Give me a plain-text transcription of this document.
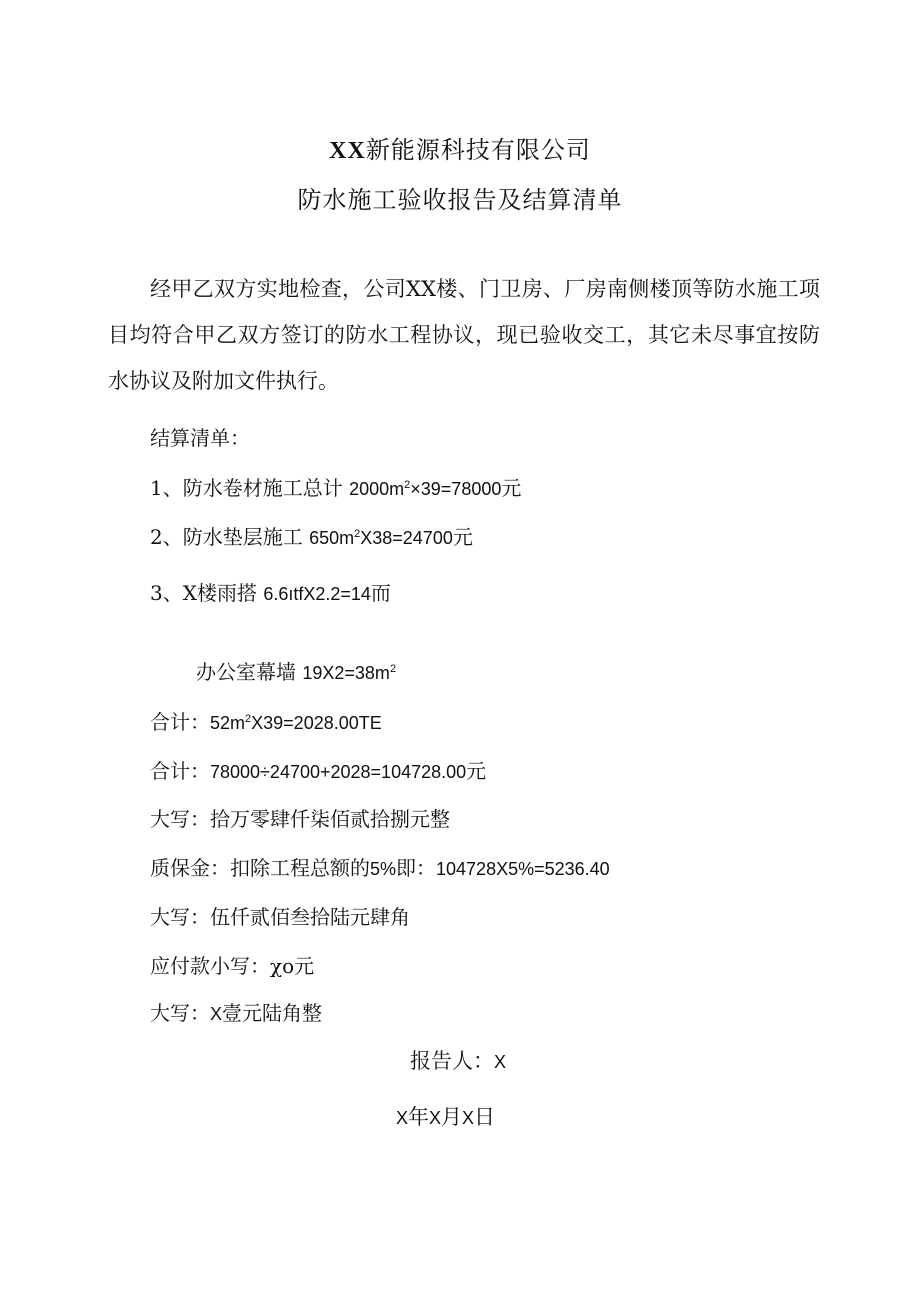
XX新能源科技有限公司
防水施工验收报告及结算清单
经甲乙双方实地检查，公司XX楼、门卫房、厂房南侧楼顶等防水施工项目均符合甲乙双方签订的防水工程协议，现已验收交工，其它未尽事宜按防水协议及附加文件执行。
结算清单：
1、防水卷材施工总计 $2000m^2\times 39=78000$元
2、防水垫层施工 $650m^2X38=24700$元
3、X楼雨搭 6.6ıtfX2.2=14而
办公室幕墙 $19X2=38m^2$
合计：$52m^2X39=2028.00TE$
合计：78000÷24700+2028=104728.00元
大写：拾万零肆仟柒佰贰拾捌元整
质保金：扣除工程总额的5%即：104728X5%=5236.40
大写：伍仟贰佰叁拾陆元肆角
应付款小写：χo元
大写：X壹元陆角整
报告人：X
X年X月X日
